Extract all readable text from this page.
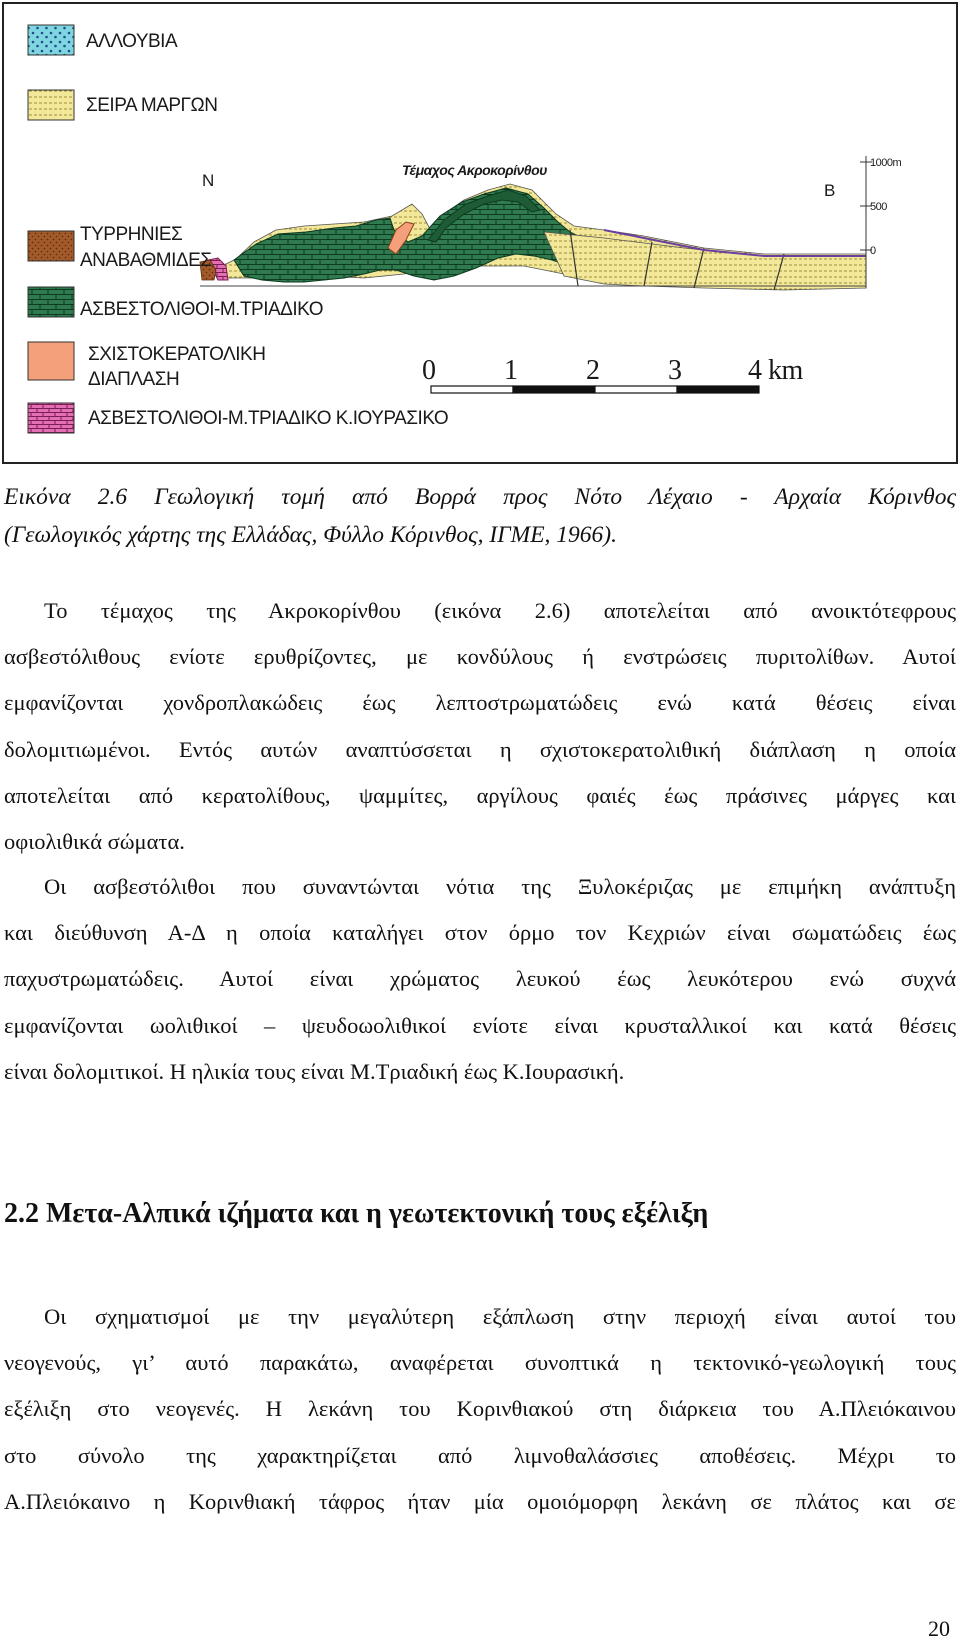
ΑΛΛΟΥΒΙΑ
ΣΕΙΡΑ ΜΑΡΓΩΝ
ΤΥΡΡΗΝΙΕΣ
ΑΝΑΒΑΘΜΙΔΕΣ
ΑΣΒΕΣΤΟΛΙΘΟΙ-Μ.ΤΡΙΑΔΙΚΟ
ΣΧΙΣΤΟΚΕΡΑΤΟΛΙΚΗ
ΔΙΑΠΛΑΣΗ
ΑΣΒΕΣΤΟΛΙΘΟΙ-Μ.ΤΡΙΑΔΙΚΟ Κ.ΙΟΥΡΑΣΙΚΟ
Τέμαχος Ακροκορίνθου
Ν
Β
1000m
500
0
0 1 2 3 4 km
Εικόνα 2.6 Γεωλογική τομή από Βορρά προς Νότο Λέχαιο - Αρχαία Κόρινθος
(Γεωλογικός χάρτης της Ελλάδας, Φύλλο Κόρινθος, ΙΓΜΕ, 1966).
Το τέμαχος της Ακροκορίνθου (εικόνα 2.6) αποτελείται από ανοικτότεφρους
ασβεστόλιθους ενίοτε ερυθρίζοντες, με κονδύλους ή ενστρώσεις πυριτολίθων. Αυτοί
εμφανίζονται χονδροπλακώδεις έως λεπτοστρωματώδεις ενώ κατά θέσεις είναι
δολομιτιωμένοι. Εντός αυτών αναπτύσσεται η σχιστοκερατολιθική διάπλαση η οποία
αποτελείται από κερατολίθους, ψαμμίτες, αργίλους φαιές έως πράσινες μάργες και
οφιολιθικά σώματα.
Οι ασβεστόλιθοι που συναντώνται νότια της Ξυλοκέριζας με επιμήκη ανάπτυξη
και διεύθυνση Α-Δ η οποία καταλήγει στον όρμο τον Κεχριών είναι σωματώδεις έως
παχυστρωματώδεις. Αυτοί είναι χρώματος λευκού έως λευκότερου ενώ συχνά
εμφανίζονται ωολιθικοί – ψευδοωολιθικοί ενίοτε είναι κρυσταλλικοί και κατά θέσεις
είναι δολομιτικοί. Η ηλικία τους είναι Μ.Τριαδική έως Κ.Ιουρασική.
2.2 Μετα-Αλπικά ιζήματα και η γεωτεκτονική τους εξέλιξη
Οι σχηματισμοί με την μεγαλύτερη εξάπλωση στην περιοχή είναι αυτοί του
νεογενούς, γι’ αυτό παρακάτω, αναφέρεται συνοπτικά η τεκτονικό-γεωλογική τους
εξέλιξη στο νεογενές. Η λεκάνη του Κορινθιακού στη διάρκεια του Α.Πλειόκαινου
στο σύνολο της χαρακτηρίζεται από λιμνοθαλάσσιες αποθέσεις. Μέχρι το
Α.Πλειόκαινο η Κορινθιακή τάφρος ήταν μία ομοιόμορφη λεκάνη σε πλάτος και σε
20
